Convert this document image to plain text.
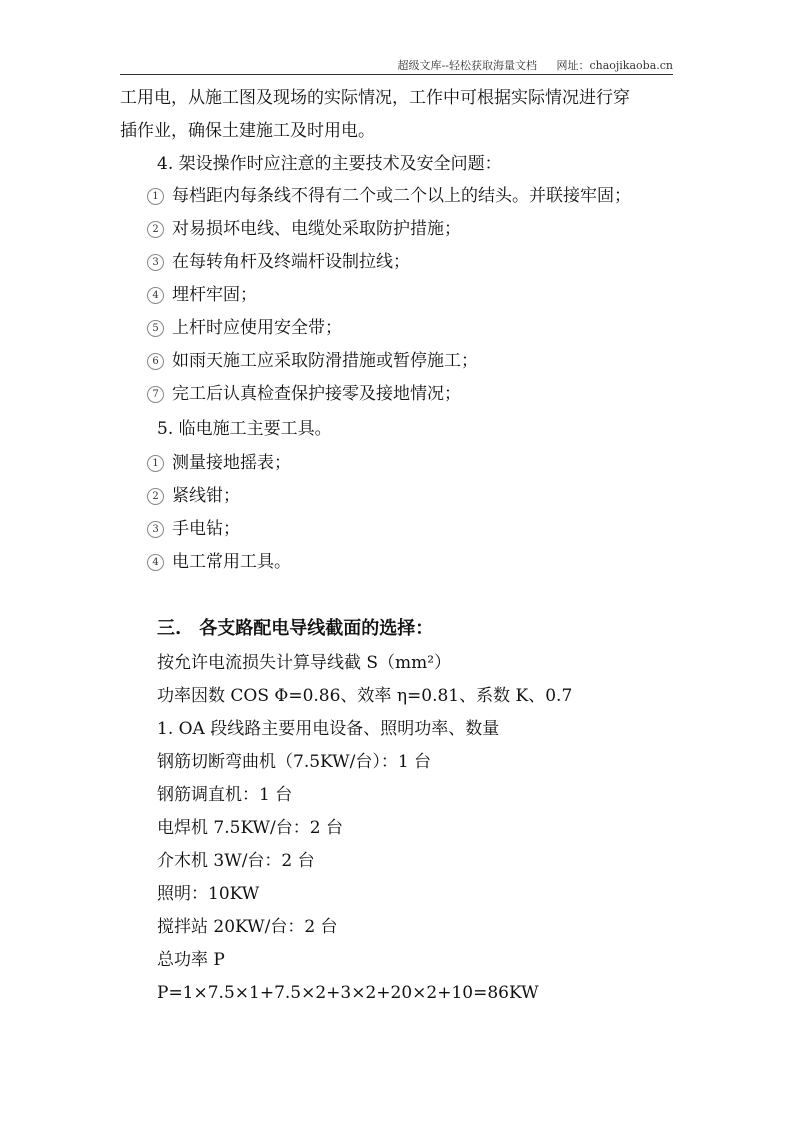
超级文库--轻松获取海量文档 网址：chaojikaoba.cn
工用电，从施工图及现场的实际情况，工作中可根据实际情况进行穿
插作业，确保土建施工及时用电。
4. 架设操作时应注意的主要技术及安全问题：
1 每档距内每条线不得有二个或二个以上的结头。并联接牢固；
2 对易损坏电线、电缆处采取防护措施；
3 在每转角杆及终端杆设制拉线；
4 埋杆牢固；
5 上杆时应使用安全带；
6 如雨天施工应采取防滑措施或暂停施工；
7 完工后认真检查保护接零及接地情况；
5. 临电施工主要工具。
1 测量接地摇表；
2 紧线钳；
3 手电钻；
4 电工常用工具。
三. 各支路配电导线截面的选择：
按允许电流损失计算导线截 S（mm²）
功率因数 COS Φ=0.86、效率 η=0.81、系数 K、0.7
1. OA 段线路主要用电设备、照明功率、数量
钢筋切断弯曲机（7.5KW/台）：1 台
钢筋调直机：1 台
电焊机 7.5KW/台：2 台
介木机 3W/台：2 台
照明：10KW
搅拌站 20KW/台：2 台
总功率 P
P=1×7.5×1+7.5×2+3×2+20×2+10=86KW
